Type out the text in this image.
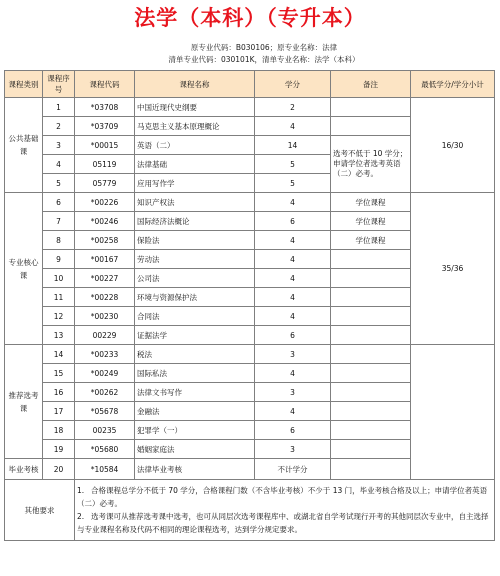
法学（本科）（专升本）
原专业代码：B030106；原专业名称：法律
清单专业代码：030101K，清单专业名称：法学（本科）
课程类别	课程序号	课程代码	课程名称	学分	备注	最低学分/学分小计
公共基础课	1	*03708	中国近现代史纲要	2		16/30
	2	*03709	马克思主义基本原理概论	4		
	3	*00015	英语（二）	14	选考不低于 10 学分；申请学位者选考英语（二）必考。	
	4	05119	法律基础	5		
	5	05779	应用写作学	5		
专业核心课	6	*00226	知识产权法	4	学位课程	35/36
	7	*00246	国际经济法概论	6	学位课程	
	8	*00258	保险法	4	学位课程	
	9	*00167	劳动法	4		
	10	*00227	公司法	4		
	11	*00228	环境与资源保护法	4		
	12	*00230	合同法	4		
	13	00229	证据法学	6		
推荐选考课	14	*00233	税法	3		
	15	*00249	国际私法	4		
	16	*00262	法律文书写作	3		
	17	*05678	金融法	4		
	18	00235	犯罪学（一）	6		
	19	*05680	婚姻家庭法	3		
毕业考核	20	*10584	法律毕业考核	不计学分		
其他要求		1. 合格课程总学分不低于 70 学分，合格课程门数（不含毕业考核）不少于 13 门，毕业考核合格及以上；申请学位者英语（二）必考。
2. 选考课可从推荐选考课中选考，也可从同层次选考课程库中、或湖北省自学考试现行开考的其他同层次专业中，自主选择与专业课程名称及代码不相同的理论课程选考，达到学分规定要求。				
